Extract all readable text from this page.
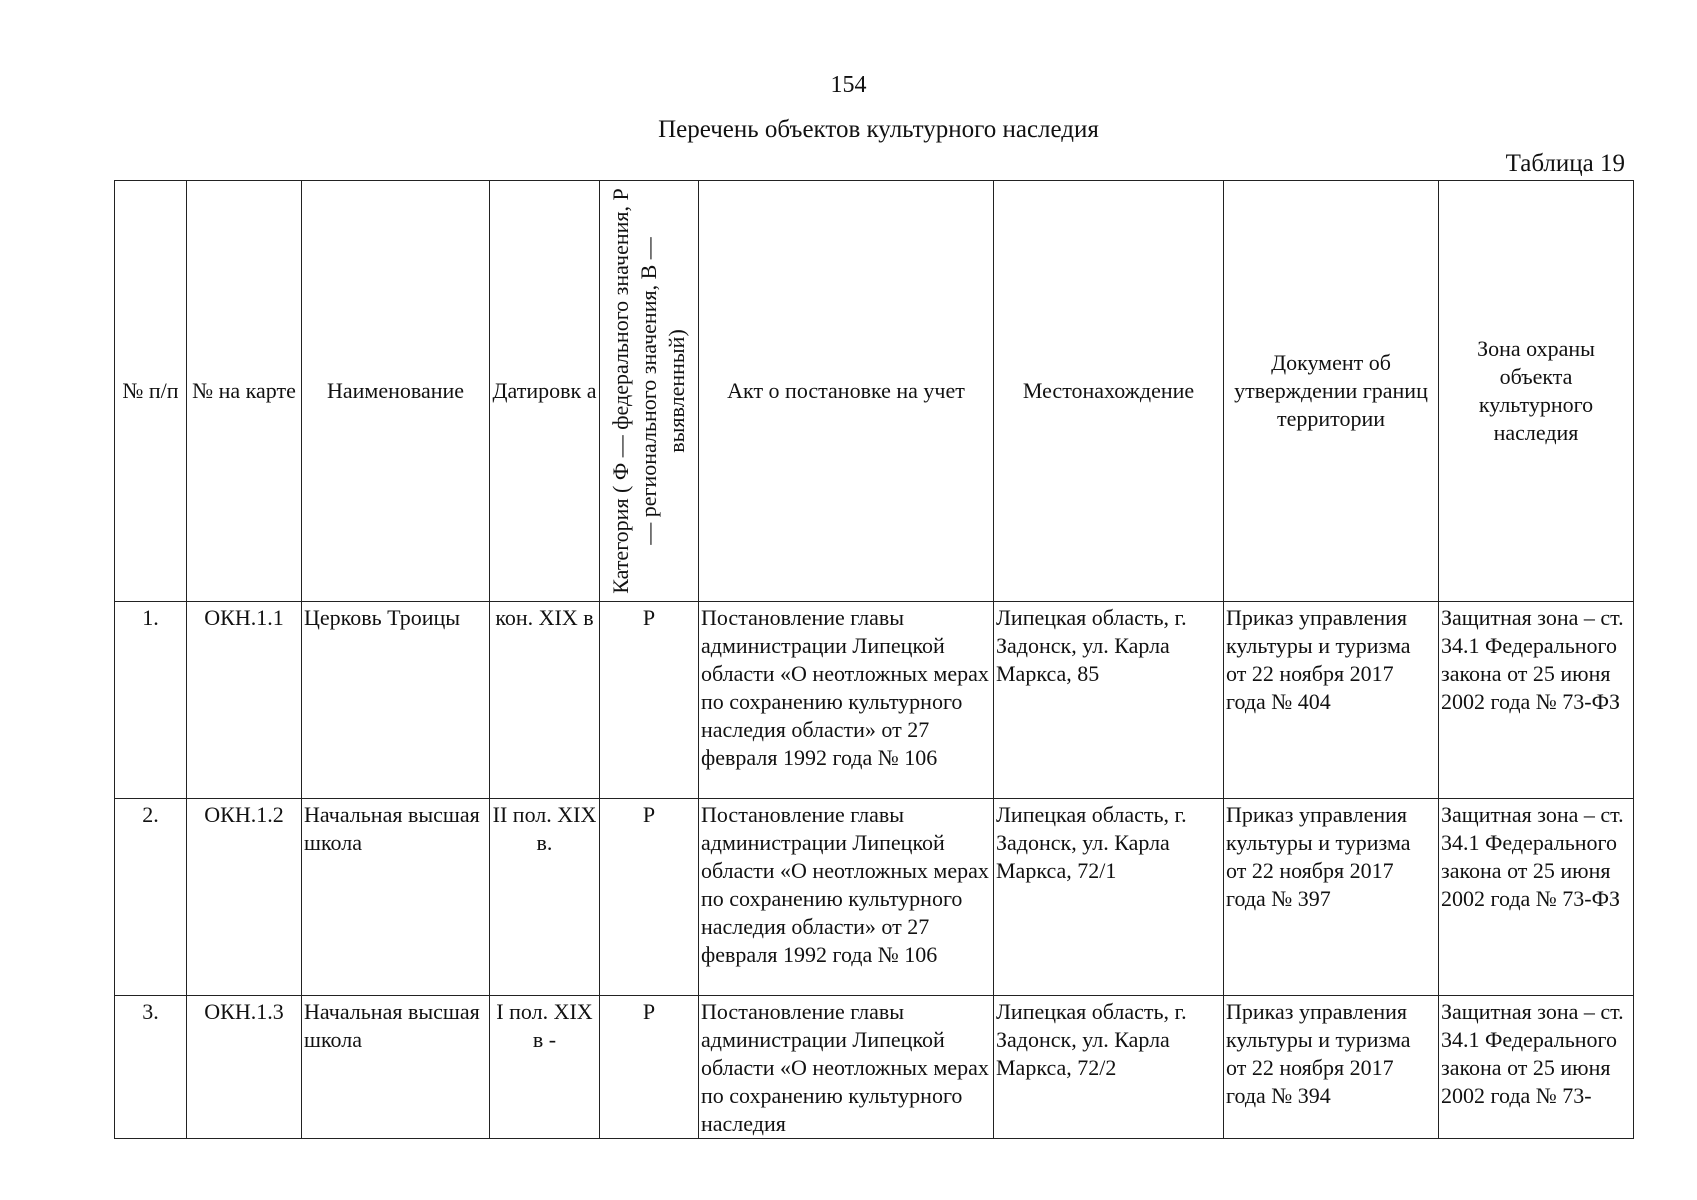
154
Перечень объектов культурного наследия
Таблица 19
№ п/п	№ на карте	Наименование	Датировк а	Категория ( Ф — федерального значения, Р — регионального значения, В — выявленный)	Акт о постановке на учет	Местонахождение	Документ об утверждении границ территории	Зона охраны объекта культурного наследия
1.	ОКН.1.1	Церковь Троицы	кон. XIX в	Р	Постановление главы администрации Липецкой области «О неотложных мерах по сохранению культурного наследия области» от 27 февраля 1992 года № 106	Липецкая область, г. Задонск, ул. Карла Маркса, 85	Приказ управления культуры и туризма от 22 ноября 2017 года № 404	Защитная зона – ст. 34.1 Федерального закона от 25 июня 2002 года № 73-ФЗ
2.	ОКН.1.2	Начальная высшая школа	II пол. XIX в.	Р	Постановление главы администрации Липецкой области «О неотложных мерах по сохранению культурного наследия области» от 27 февраля 1992 года № 106	Липецкая область, г. Задонск, ул. Карла Маркса, 72/1	Приказ управления культуры и туризма от 22 ноября 2017 года № 397	Защитная зона – ст. 34.1 Федерального закона от 25 июня 2002 года № 73-ФЗ
3.	ОКН.1.3	Начальная высшая школа	I пол. XIX в -	Р	Постановление главы администрации Липецкой области «О неотложных мерах по сохранению культурного наследия	Липецкая область, г. Задонск, ул. Карла Маркса, 72/2	Приказ управления культуры и туризма от 22 ноября 2017 года № 394	Защитная зона – ст. 34.1 Федерального закона от 25 июня 2002 года № 73-
